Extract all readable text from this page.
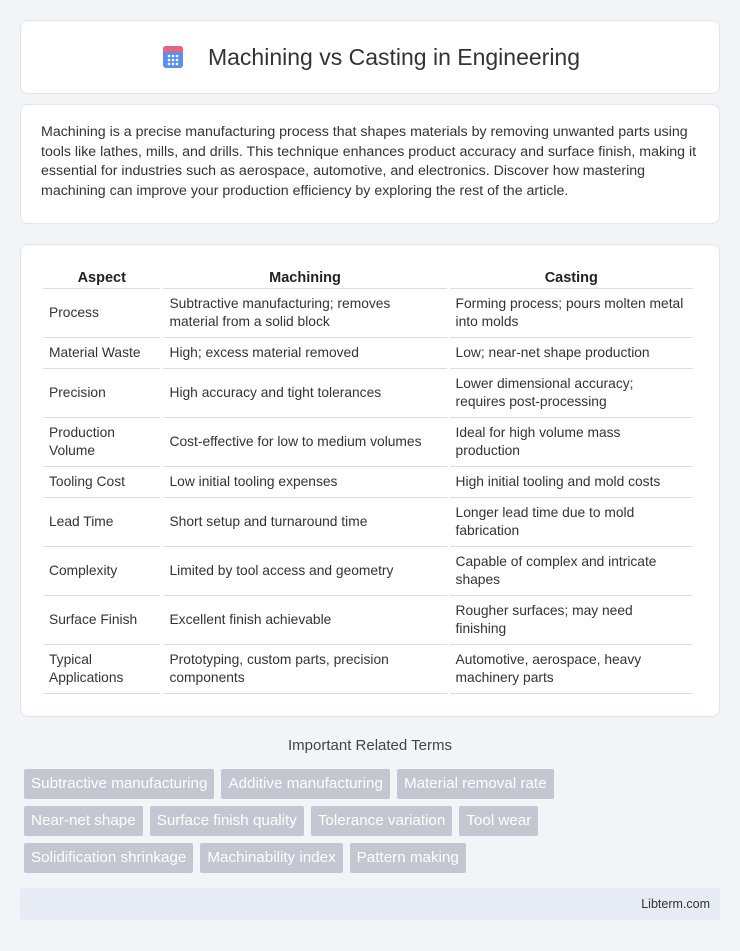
Machining vs Casting in Engineering

Machining is a precise manufacturing process that shapes materials by removing unwanted parts using tools like lathes, mills, and drills. This technique enhances product accuracy and surface finish, making it essential for industries such as aerospace, automotive, and electronics. Discover how mastering machining can improve your production efficiency by exploring the rest of the article.

Aspect	Machining	Casting
Process	Subtractive manufacturing; removes material from a solid block	Forming process; pours molten metal into molds
Material Waste	High; excess material removed	Low; near-net shape production
Precision	High accuracy and tight tolerances	Lower dimensional accuracy; requires post-processing
Production Volume	Cost-effective for low to medium volumes	Ideal for high volume mass production
Tooling Cost	Low initial tooling expenses	High initial tooling and mold costs
Lead Time	Short setup and turnaround time	Longer lead time due to mold fabrication
Complexity	Limited by tool access and geometry	Capable of complex and intricate shapes
Surface Finish	Excellent finish achievable	Rougher surfaces; may need finishing
Typical Applications	Prototyping, custom parts, precision components	Automotive, aerospace, heavy machinery parts
Important Related Terms
Subtractive manufacturing	Additive manufacturing	Material removal rate
Near-net shape	Surface finish quality	Tolerance variation	Tool wear
Solidification shrinkage	Machinability index	Pattern making
Libterm.com
